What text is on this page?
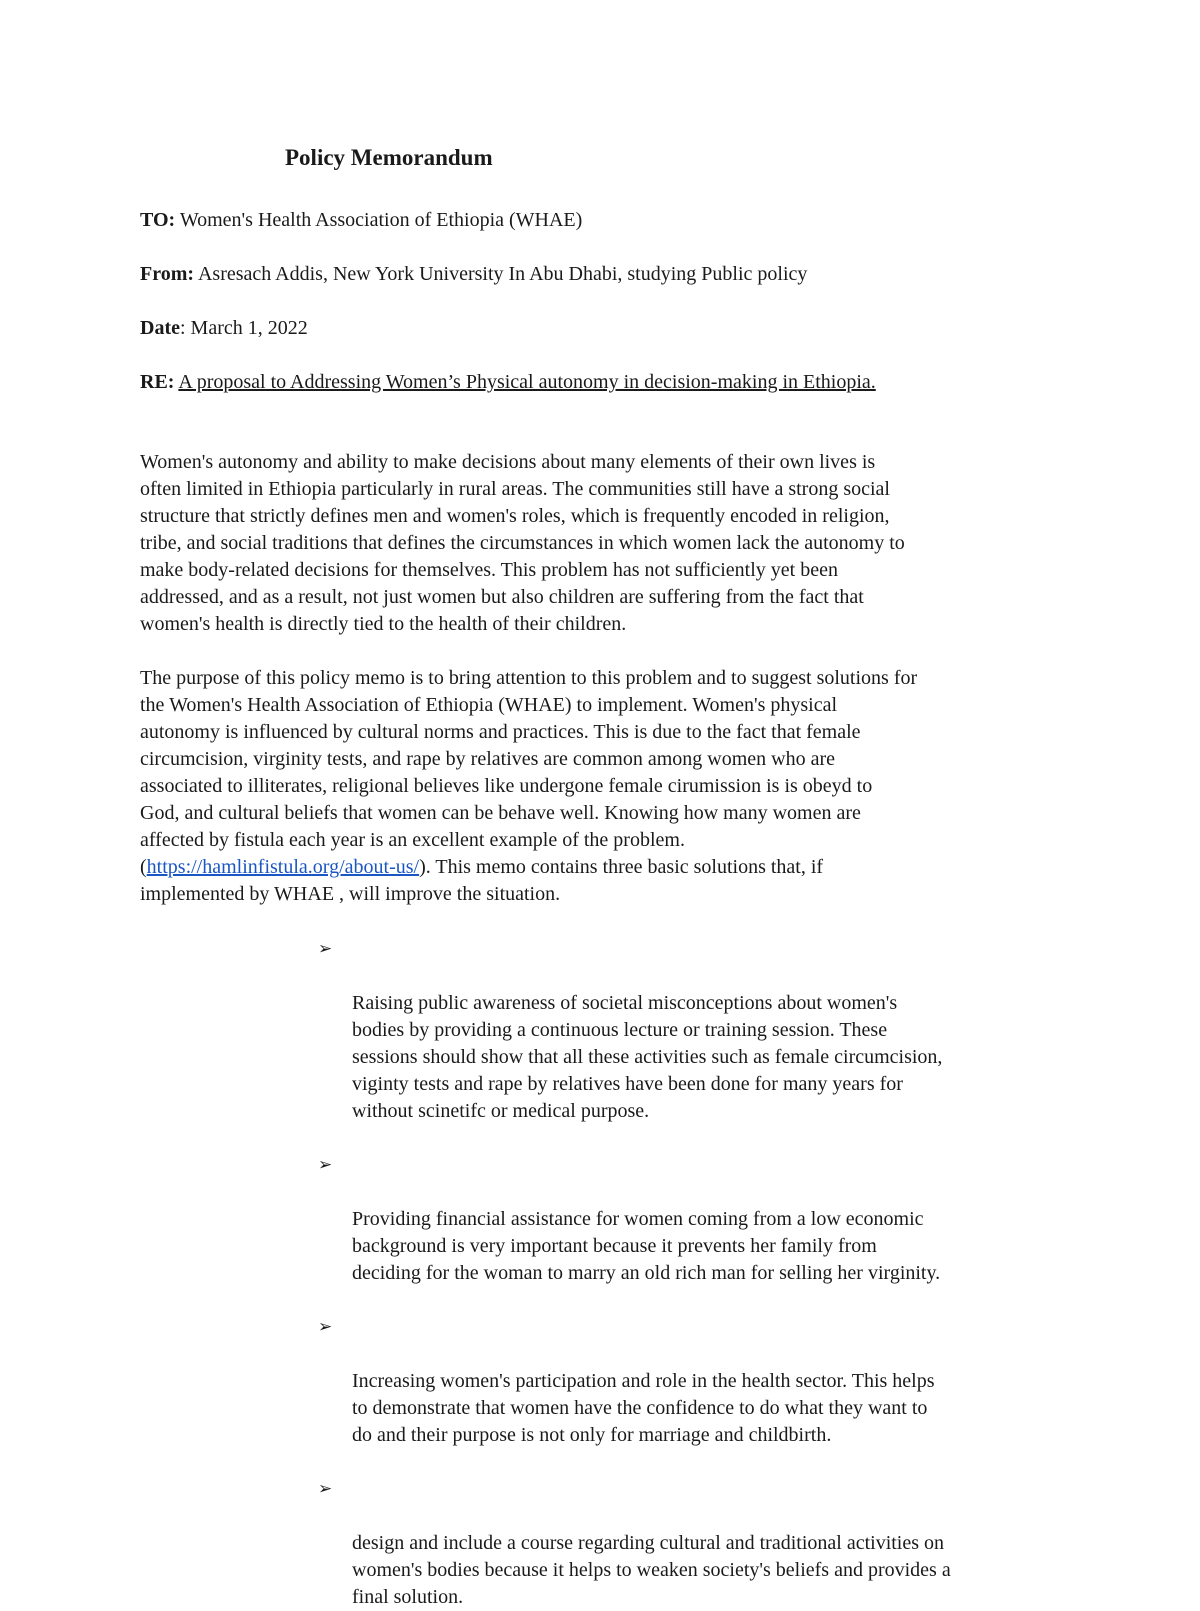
Policy Memorandum
TO: Women's Health Association of Ethiopia (WHAE)
From: Asresach Addis, New York University In Abu Dhabi, studying Public policy
Date: March 1, 2022
RE: A proposal to Addressing Women’s Physical autonomy in decision-making in Ethiopia.

Women's autonomy and ability to make decisions about many elements of their own lives is
often limited in Ethiopia particularly in rural areas. The communities still have a strong social
structure that strictly defines men and women's roles, which is frequently encoded in religion,
tribe, and social traditions that defines the circumstances in which women lack the autonomy to
make body-related decisions for themselves. This problem has not sufficiently yet been
addressed, and as a result, not just women but also children are suffering from the fact that
women's health is directly tied to the health of their children.

The purpose of this policy memo is to bring attention to this problem and to suggest solutions for
the Women's Health Association of Ethiopia (WHAE) to implement. Women's physical
autonomy is influenced by cultural norms and practices. This is due to the fact that female
circumcision, virginity tests, and rape by relatives are common among women who are
associated to illiterates, religional believes like undergone female cirumission is is obeyd to
God, and cultural beliefs that women can be behave well. Knowing how many women are
affected by fistula each year is an excellent example of the problem.
(https://hamlinfistula.org/about-us/). This memo contains three basic solutions that, if
implemented by WHAE , will improve the situation.

➢

Raising public awareness of societal misconceptions about women's
bodies by providing a continuous lecture or training session. These
sessions should show that all these activities such as female circumcision,
viginty tests and rape by relatives have been done for many years for
without scinetifc or medical purpose.

➢

Providing financial assistance for women coming from a low economic
background is very important because it prevents her family from
deciding for the woman to marry an old rich man for selling her virginity.

➢

Increasing women's participation and role in the health sector. This helps
to demonstrate that women have the confidence to do what they want to
do and their purpose is not only for marriage and childbirth.

➢

design and include a course regarding cultural and traditional activities on
women's bodies because it helps to weaken society's beliefs and provides a
final solution.
